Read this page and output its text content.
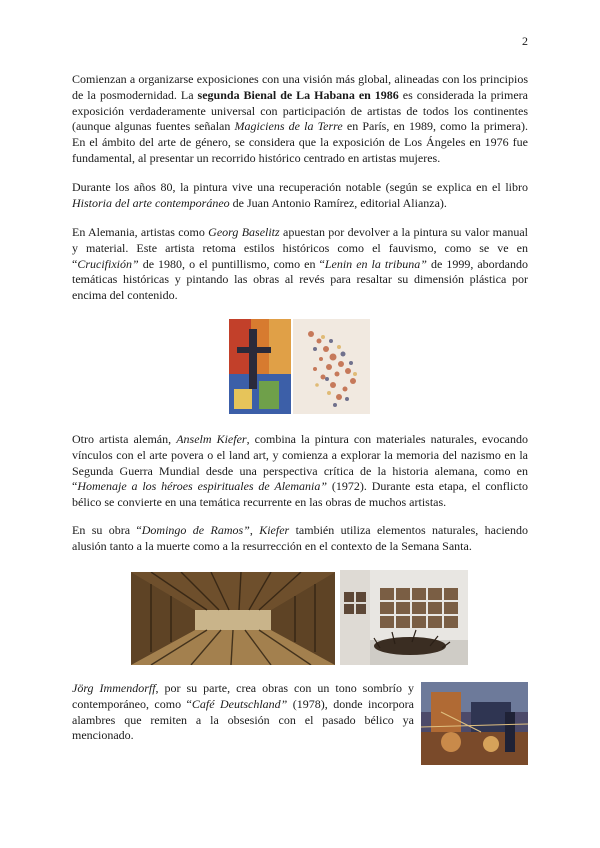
2

Comienzan a organizarse exposiciones con una visión más global, alineadas con los principios de la posmodernidad. La segunda Bienal de La Habana en 1986 es considerada la primera exposición verdaderamente universal con participación de artistas de todos los continentes (aunque algunas fuentes señalan Magiciens de la Terre en París, en 1989, como la primera). En el ámbito del arte de género, se considera que la exposición de Los Ángeles en 1976 fue fundamental, al presentar un recorrido histórico centrado en artistas mujeres.

Durante los años 80, la pintura vive una recuperación notable (según se explica en el libro Historia del arte contemporáneo de Juan Antonio Ramírez, editorial Alianza).

En Alemania, artistas como Georg Baselitz apuestan por devolver a la pintura su valor manual y material. Este artista retoma estilos históricos como el fauvismo, como se ve en “Crucifixión” de 1980, o el puntillismo, como en “Lenin en la tribuna” de 1999, abordando temáticas históricas y pintando las obras al revés para resaltar su dimensión plástica por encima del contenido.

Otro artista alemán, Anselm Kiefer, combina la pintura con materiales naturales, evocando vínculos con el arte povera o el land art, y comienza a explorar la memoria del nazismo en la Segunda Guerra Mundial desde una perspectiva crítica de la historia alemana, como en “Homenaje a los héroes espirituales de Alemania” (1972). Durante esta etapa, el conflicto bélico se convierte en una temática recurrente en las obras de muchos artistas.

En su obra “Domingo de Ramos”, Kiefer también utiliza elementos naturales, haciendo alusión tanto a la muerte como a la resurrección en el contexto de la Semana Santa.

Jörg Immendorff, por su parte, crea obras con un tono sombrío y contemporáneo, como “Café Deutschland” (1978), donde incorpora alambres que remiten a la obsesión con el pasado bélico ya mencionado.
